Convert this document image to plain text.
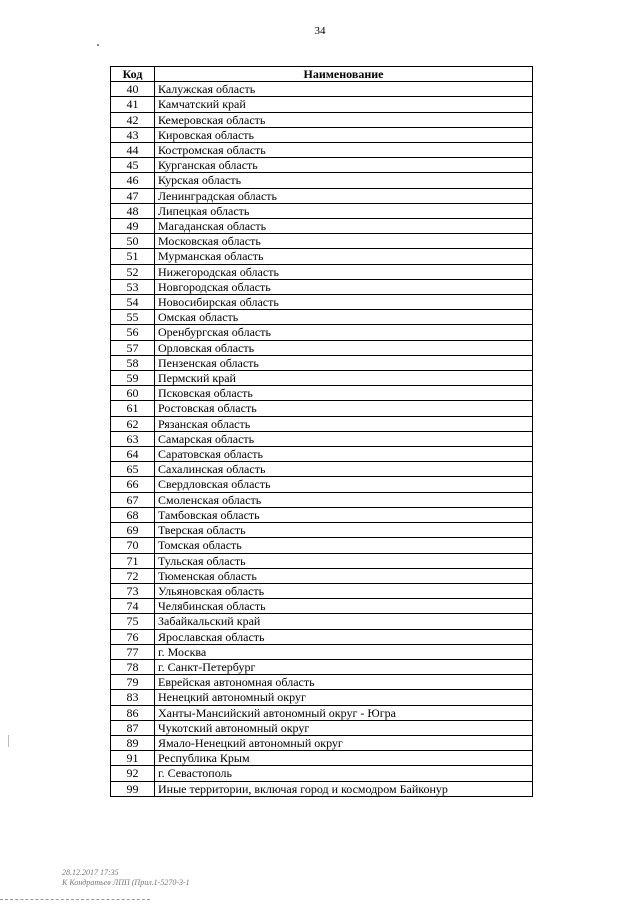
34
Код	Наименование
40	Калужская область
41	Камчатский край
42	Кемеровская область
43	Кировская область
44	Костромская область
45	Курганская область
46	Курская область
47	Ленинградская область
48	Липецкая область
49	Магаданская область
50	Московская область
51	Мурманская область
52	Нижегородская область
53	Новгородская область
54	Новосибирская область
55	Омская область
56	Оренбургская область
57	Орловская область
58	Пензенская область
59	Пермский край
60	Псковская область
61	Ростовская область
62	Рязанская область
63	Самарская область
64	Саратовская область
65	Сахалинская область
66	Свердловская область
67	Смоленская область
68	Тамбовская область
69	Тверская область
70	Томская область
71	Тульская область
72	Тюменская область
73	Ульяновская область
74	Челябинская область
75	Забайкальский край
76	Ярославская область
77	г. Москва
78	г. Санкт-Петербург
79	Еврейская автономная область
83	Ненецкий автономный округ
86	Ханты-Мансийский автономный округ - Югра
87	Чукотский автономный округ
89	Ямало-Ненецкий автономный округ
91	Республика Крым
92	г. Севастополь
99	Иные территории, включая город и космодром Байконур
28.12.2017 17:35
К Кондратьев ЛПП (Прил.1-5270-3-1
